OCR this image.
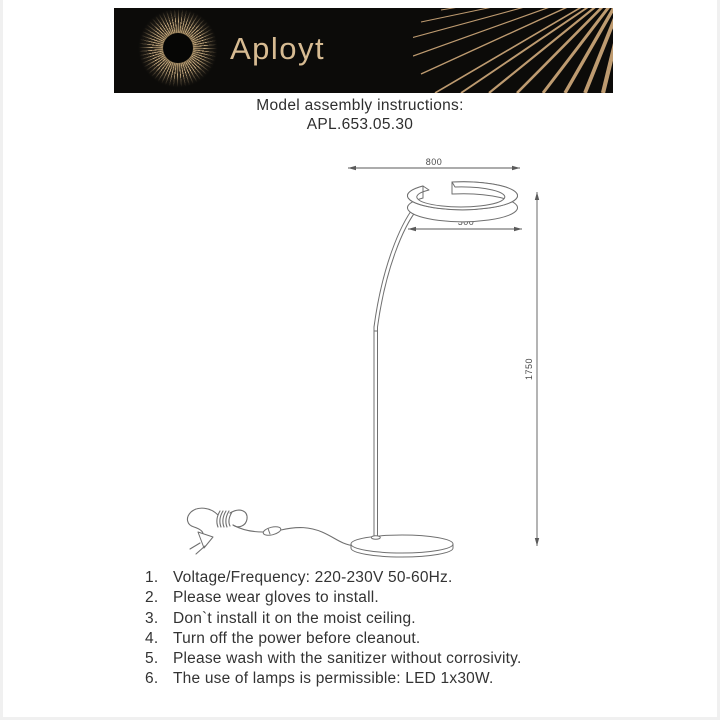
Aployt
Model assembly instructions:
APL.653.05.30
800
1750
1. Voltage/Frequency: 220-230V 50-60Hz.
2. Please wear gloves to install.
3. Don`t install it on the moist ceiling.
4. Turn off the power before cleanout.
5. Please wash with the sanitizer without corrosivity.
6. The use of lamps is permissible: LED 1x30W.
